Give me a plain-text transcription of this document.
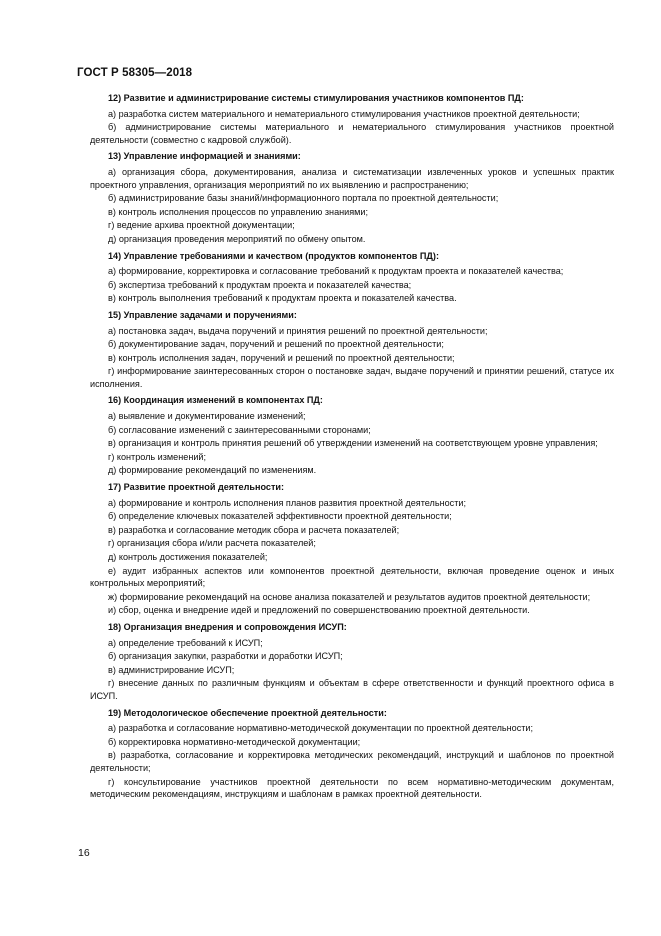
ГОСТ Р 58305—2018

12) Развитие и администрирование системы стимулирования участников компонентов ПД:

а) разработка систем материального и нематериального стимулирования участников проектной деятельности;

б) администрирование системы материального и нематериального стимулирования участников проектной деятельности (совместно с кадровой службой).

13) Управление информацией и знаниями:

а) организация сбора, документирования, анализа и систематизации извлеченных уроков и успешных практик проектного управления, организация мероприятий по их выявлению и распространению;

б) администрирование базы знаний/информационного портала по проектной деятельности;

в) контроль исполнения процессов по управлению знаниями;

г) ведение архива проектной документации;

д) организация проведения мероприятий по обмену опытом.

14) Управление требованиями и качеством (продуктов компонентов ПД):

а) формирование, корректировка и согласование требований к продуктам проекта и показателей качества;

б) экспертиза требований к продуктам проекта и показателей качества;

в) контроль выполнения требований к продуктам проекта и показателей качества.

15) Управление задачами и поручениями:

а) постановка задач, выдача поручений и принятия решений по проектной деятельности;

б) документирование задач, поручений и решений по проектной деятельности;

в) контроль исполнения задач, поручений и решений по проектной деятельности;

г) информирование заинтересованных сторон о постановке задач, выдаче поручений и принятии решений, статусе их исполнения.

16) Координация изменений в компонентах ПД:

а) выявление и документирование изменений;

б) согласование изменений с заинтересованными сторонами;

в) организация и контроль принятия решений об утверждении изменений на соответствующем уровне управления;

г) контроль изменений;

д) формирование рекомендаций по изменениям.

17) Развитие проектной деятельности:

а) формирование и контроль исполнения планов развития проектной деятельности;

б) определение ключевых показателей эффективности проектной деятельности;

в) разработка и согласование методик сбора и расчета показателей;

г) организация сбора и/или расчета показателей;

д) контроль достижения показателей;

е) аудит избранных аспектов или компонентов проектной деятельности, включая проведение оценок и иных контрольных мероприятий;

ж) формирование рекомендаций на основе анализа показателей и результатов аудитов проектной деятельности;

и) сбор, оценка и внедрение идей и предложений по совершенствованию проектной деятельности.

18) Организация внедрения и сопровождения ИСУП:

а) определение требований к ИСУП;

б) организация закупки, разработки и доработки ИСУП;

в) администрирование ИСУП;

г) внесение данных по различным функциям и объектам в сфере ответственности и функций проектного офиса в ИСУП.

19) Методологическое обеспечение проектной деятельности:

а) разработка и согласование нормативно-методической документации по проектной деятельности;

б) корректировка нормативно-методической документации;

в) разработка, согласование и корректировка методических рекомендаций, инструкций и шаблонов по проектной деятельности;

г) консультирование участников проектной деятельности по всем нормативно-методическим документам, методическим рекомендациям, инструкциям и шаблонам в рамках проектной деятельности.

16
